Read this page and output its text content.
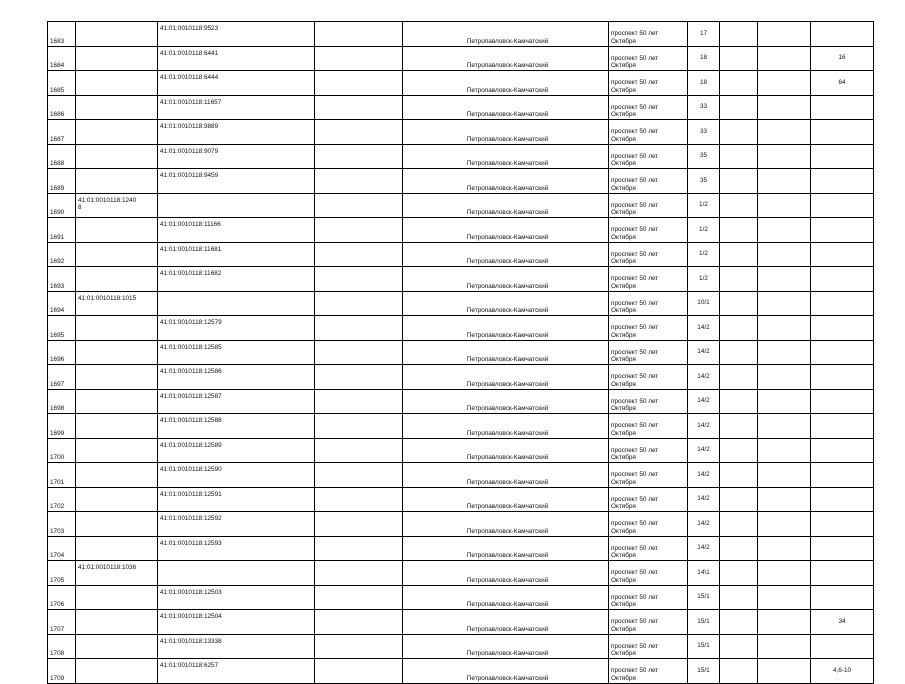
1683		41:01:0010118:9523		Петропавловск-Камчатский	проспект 50 лет
Октября	17			
1684		41:01:0010118:6441		Петропавловск-Камчатский	проспект 50 лет
Октября	18			16
1685		41:01:0010118:6444		Петропавловск-Камчатский	проспект 50 лет
Октября	18			64
1686		41:01:0010118:11657		Петропавловск-Камчатский	проспект 50 лет
Октября	33			
1687		41:01:0010118:9889		Петропавловск-Камчатский	проспект 50 лет
Октября	33			
1688		41:01:0010118:9079		Петропавловск-Камчатский	проспект 50 лет
Октября	35			
1689		41:01:0010118:9459		Петропавловск-Камчатский	проспект 50 лет
Октября	35			
1690	41:01:0010118:1240
8			Петропавловск-Камчатский	проспект 50 лет
Октября	1/2			
1691		41:01:0010118:11166		Петропавловск-Камчатский	проспект 50 лет
Октября	1/2			
1692		41:01:0010118:11681		Петропавловск-Камчатский	проспект 50 лет
Октября	1/2			
1693		41:01:0010118:11682		Петропавловск-Камчатский	проспект 50 лет
Октября	1/2			
1694	41:01:0010118:1015			Петропавловск-Камчатский	проспект 50 лет
Октября	10/1			
1695		41:01:0010118:12579		Петропавловск-Камчатский	проспект 50 лет
Октября	14/2			
1696		41:01:0010118:12585		Петропавловск-Камчатский	проспект 50 лет
Октября	14/2			
1697		41:01:0010118:12586		Петропавловск-Камчатский	проспект 50 лет
Октября	14/2			
1698		41:01:0010118:12587		Петропавловск-Камчатский	проспект 50 лет
Октября	14/2			
1699		41:01:0010118:12588		Петропавловск-Камчатский	проспект 50 лет
Октября	14/2			
1700		41:01:0010118:12589		Петропавловск-Камчатский	проспект 50 лет
Октября	14/2			
1701		41:01:0010118:12590		Петропавловск-Камчатский	проспект 50 лет
Октября	14/2			
1702		41:01:0010118:12591		Петропавловск-Камчатский	проспект 50 лет
Октября	14/2			
1703		41:01:0010118:12592		Петропавловск-Камчатский	проспект 50 лет
Октября	14/2			
1704		41:01:0010118:12593		Петропавловск-Камчатский	проспект 50 лет
Октября	14/2			
1705	41:01:0010118:1036			Петропавловск-Камчатский	проспект 50 лет
Октября	14\1			
1706		41:01:0010118:12503		Петропавловск-Камчатский	проспект 50 лет
Октября	15/1			
1707		41:01:0010118:12504		Петропавловск-Камчатский	проспект 50 лет
Октября	15/1			34
1708		41:01:0010118:13338		Петропавловск-Камчатский	проспект 50 лет
Октября	15/1			
1709		41:01:0010118:6257		Петропавловск-Камчатский	проспект 50 лет
Октября	15/1			4,6-10
